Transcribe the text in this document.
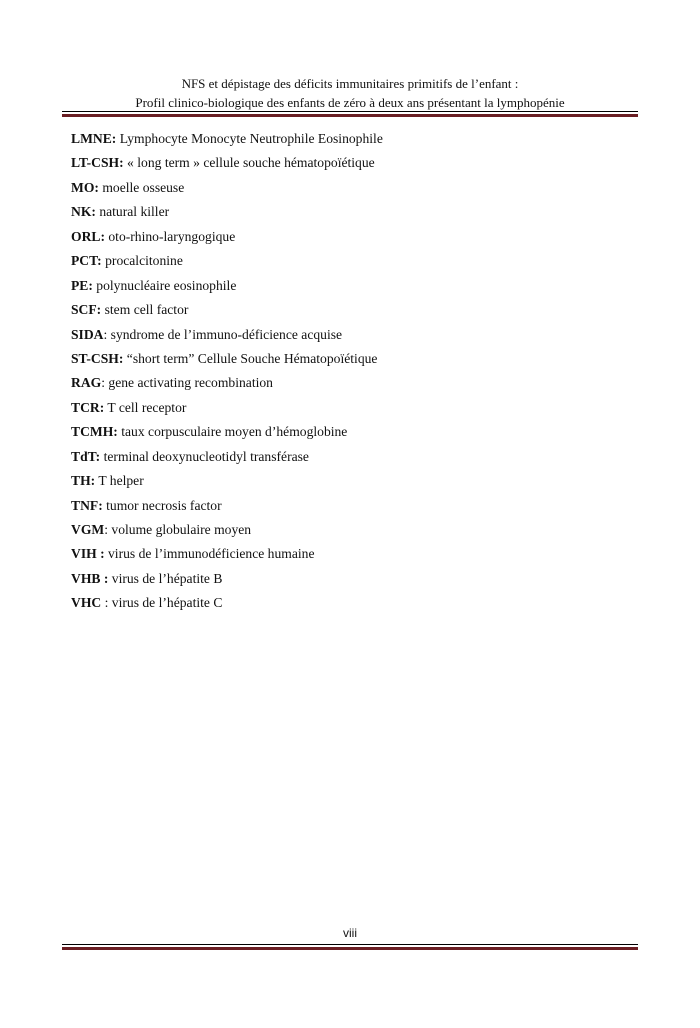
NFS et dépistage des déficits immunitaires primitifs de l’enfant :
Profil clinico-biologique des enfants de zéro à deux ans présentant la lymphopénie
LMNE: Lymphocyte Monocyte Neutrophile Eosinophile
LT-CSH: « long term » cellule souche hématopoïétique
MO: moelle osseuse
NK: natural killer
ORL: oto-rhino-laryngogique
PCT: procalcitonine
PE: polynucléaire eosinophile
SCF: stem cell factor
SIDA: syndrome de l’immuno-déficience acquise
ST-CSH: “short term” Cellule Souche Hématopoïétique
RAG: gene activating recombination
TCR: T cell receptor
TCMH: taux corpusculaire moyen d’hémoglobine
TdT: terminal deoxynucleotidyl transférase
TH: T helper
TNF: tumor necrosis factor
VGM: volume globulaire moyen
VIH : virus de l’immunodéficience humaine
VHB : virus de l’hépatite B
VHC : virus de l’hépatite C
viii
